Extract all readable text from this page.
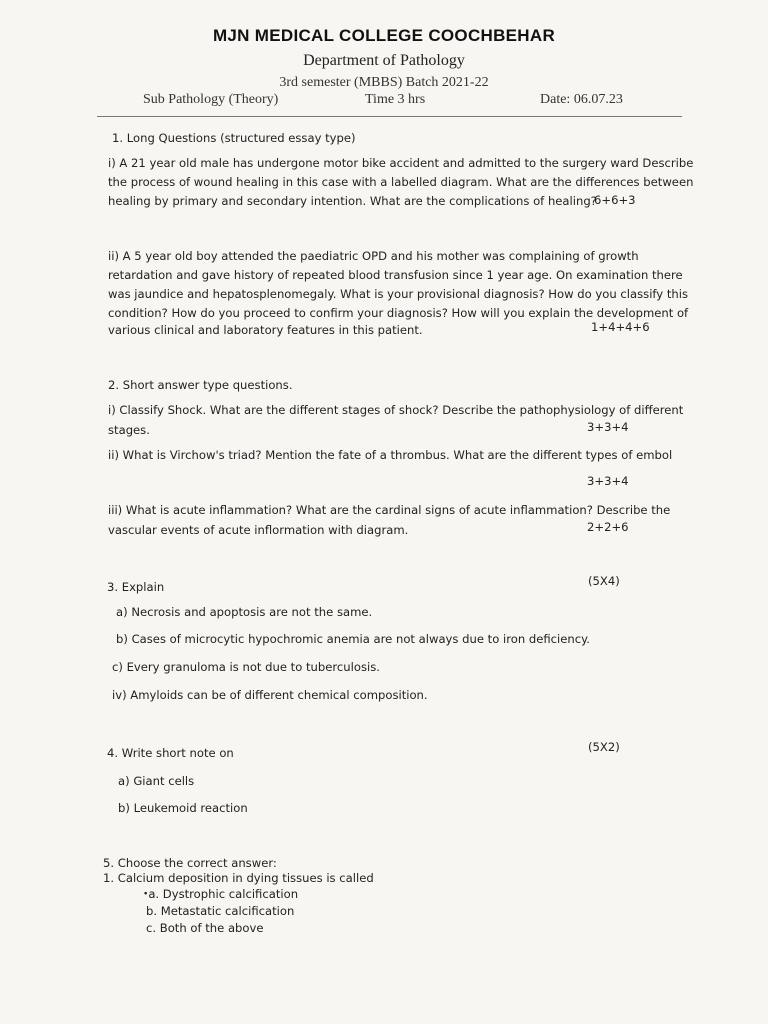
MJN MEDICAL COLLEGE COOCHBEHAR
Department of Pathology
3rd semester (MBBS) Batch 2021-22
Sub Pathology (Theory)	Time 3 hrs	Date: 06.07.23
1. Long Questions (structured essay type)
i) A 21 year old male has undergone motor bike accident and admitted to the surgery ward Describe
the process of wound healing in this case with a labelled diagram. What are the differences between
healing by primary and secondary intention. What are the complications of healing?
6+6+3
ii) A 5 year old boy attended the paediatric OPD and his mother was complaining of growth
retardation and gave history of repeated blood transfusion since 1 year age. On examination there
was jaundice and hepatosplenomegaly. What is your provisional diagnosis? How do you classify this
condition? How do you proceed to confirm your diagnosis? How will you explain the development of
various clinical and laboratory features in this patient.	1+4+4+6
2. Short answer type questions.
i) Classify Shock. What are the different stages of shock? Describe the pathophysiology of different
stages.	3+3+4
ii) What is Virchow's triad? Mention the fate of a thrombus. What are the different types of embol
3+3+4
iii) What is acute inflammation? What are the cardinal signs of acute inflammation? Describe the
vascular events of acute inflormation with diagram.	2+2+6
3. Explain	(5X4)
a) Necrosis and apoptosis are not the same.
b) Cases of microcytic hypochromic anemia are not always due to iron deficiency.
c) Every granuloma is not due to tuberculosis.
iv) Amyloids can be of different chemical composition.
4. Write short note on	(5X2)
a) Giant cells
b) Leukemoid reaction
5. Choose the correct answer:
1. Calcium deposition in dying tissues is called
•a. Dystrophic calcification
b. Metastatic calcification
c. Both of the above
